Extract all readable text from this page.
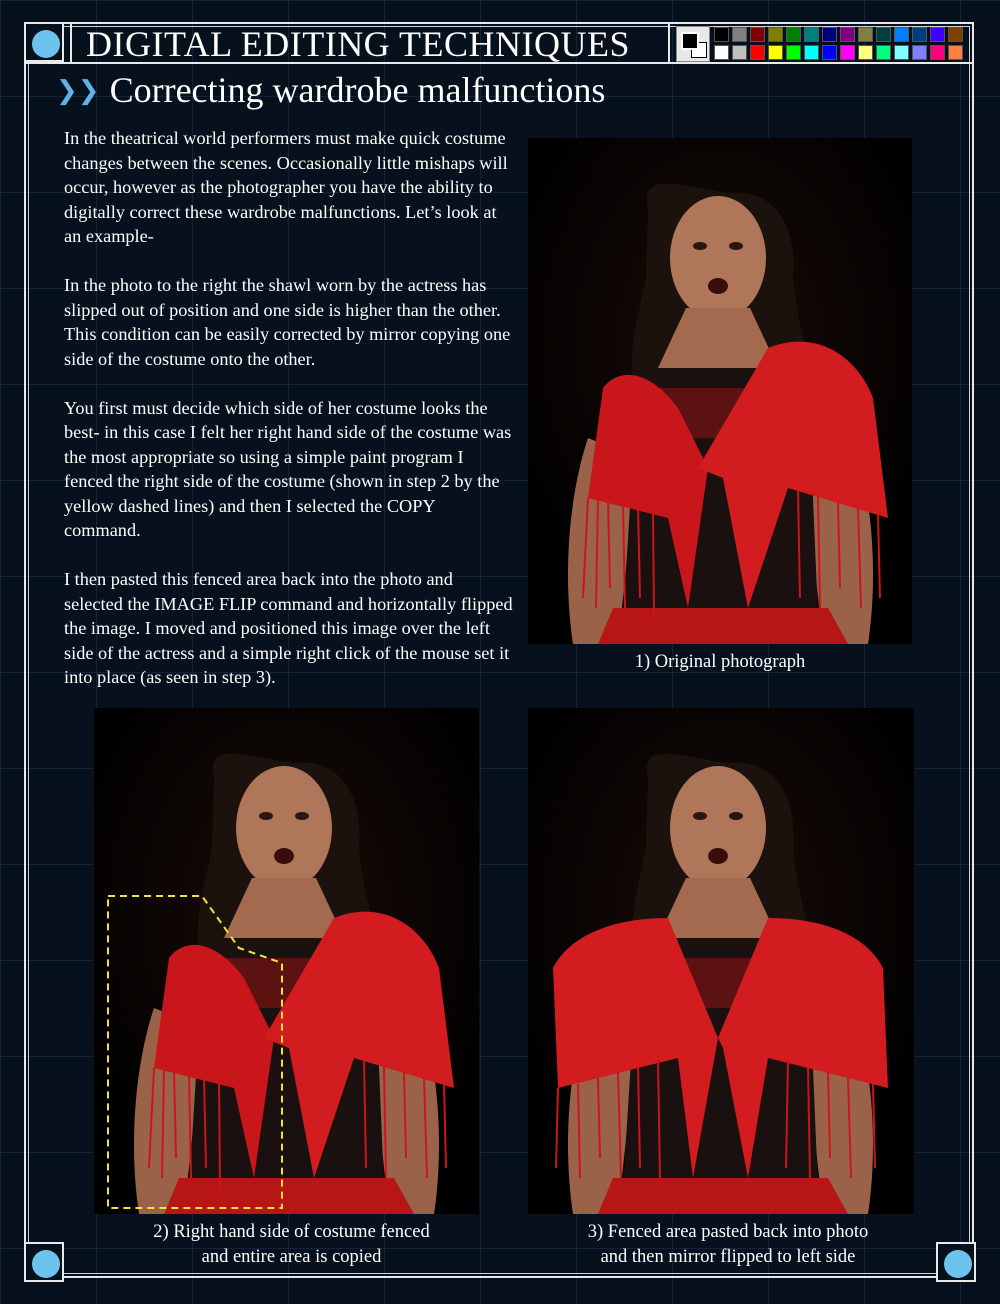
DIGITAL EDITING TECHNIQUES
❯❯ Correcting wardrobe malfunctions

In the theatrical world performers must make quick costume changes between the scenes. Occasionally little mishaps will occur, however as the photographer you have the ability to digitally correct these wardrobe malfunctions. Let’s look at an example-

In the photo to the right the shawl worn by the actress has slipped out of position and one side is higher than the other. This condition can be easily corrected by mirror copying one side of the costume onto the other.

You first must decide which side of her costume looks the best- in this case I felt her right hand side of the costume was the most appropriate so using a simple paint program I fenced the right side of the costume (shown in step 2 by the yellow dashed lines) and then I selected the COPY command.

I then pasted this fenced area back into the photo and selected the IMAGE FLIP command and horizontally flipped the image. I moved and positioned this image over the left side of the actress and a simple right click of the mouse set it into place (as seen in step 3).

1) Original photograph
2) Right hand side of costume fenced
and entire area is copied
3) Fenced area pasted back into photo
and then mirror flipped to left side
